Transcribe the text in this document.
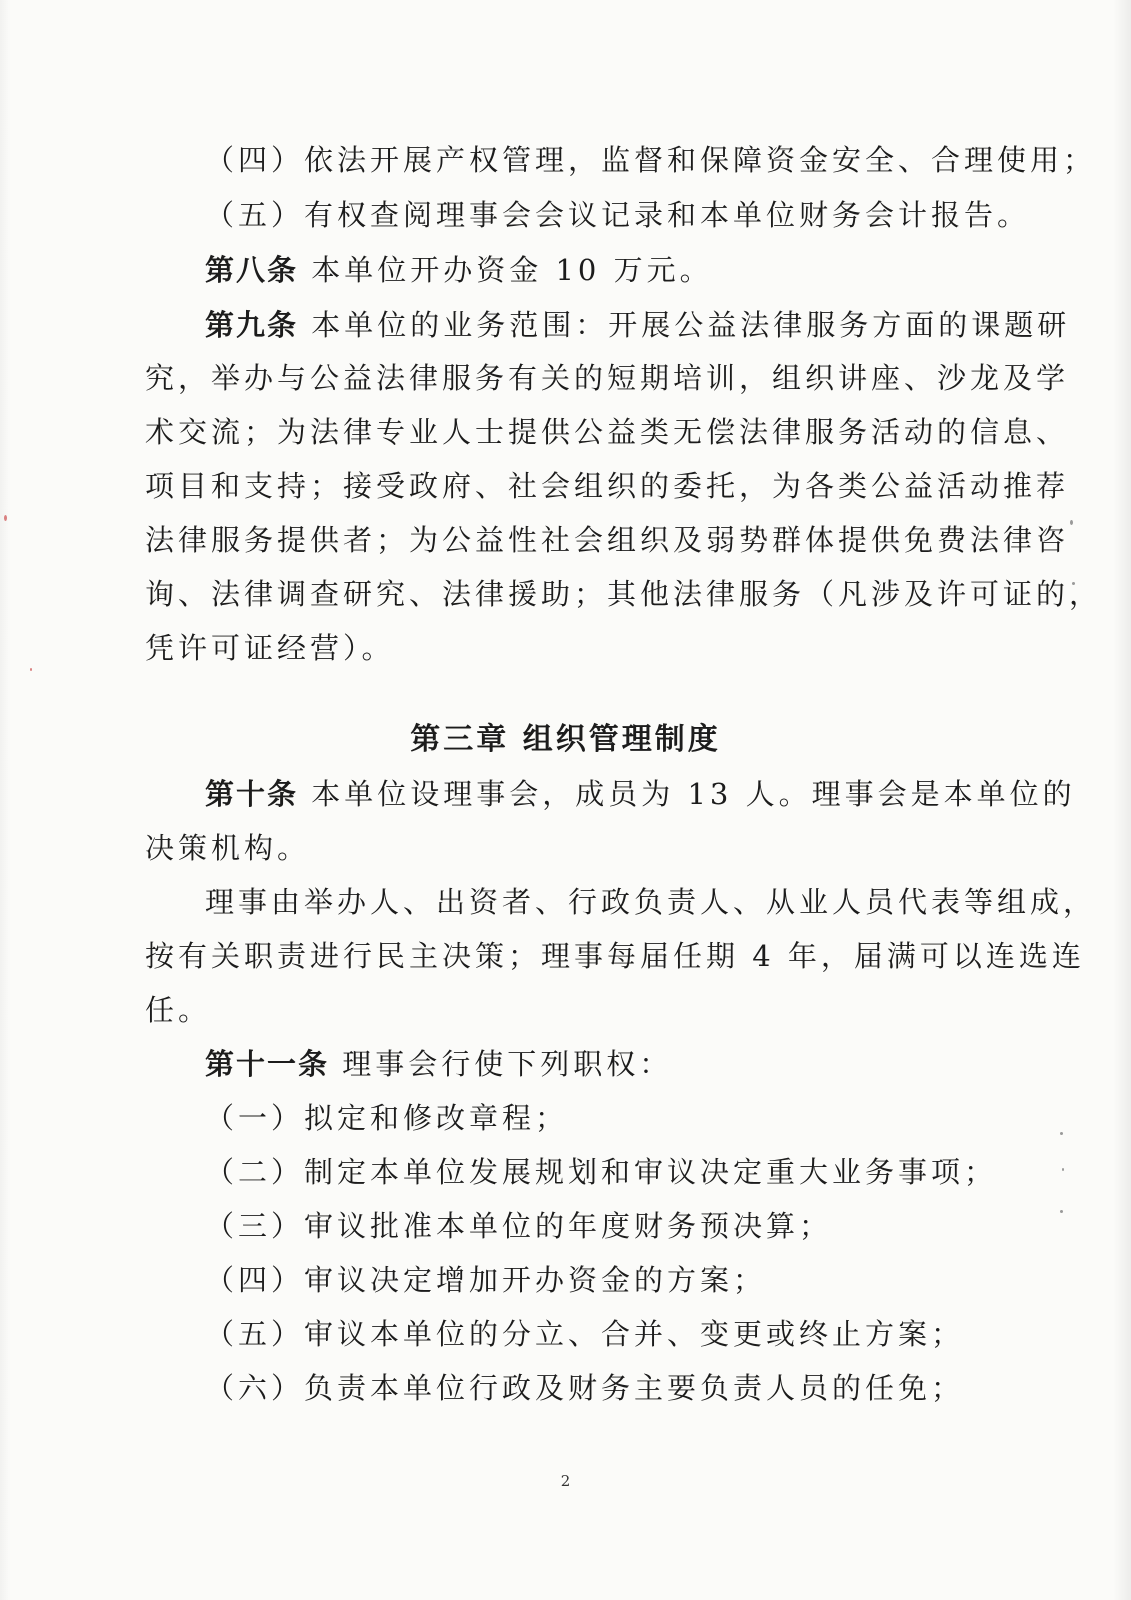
（四）依法开展产权管理，监督和保障资金安全、合理使用；
（五）有权查阅理事会会议记录和本单位财务会计报告。
第八条 本单位开办资金 10 万元。
第九条 本单位的业务范围：开展公益法律服务方面的课题研
究，举办与公益法律服务有关的短期培训，组织讲座、沙龙及学
术交流；为法律专业人士提供公益类无偿法律服务活动的信息、
项目和支持；接受政府、社会组织的委托，为各类公益活动推荐
法律服务提供者；为公益性社会组织及弱势群体提供免费法律咨
询、法律调查研究、法律援助；其他法律服务（凡涉及许可证的，
凭许可证经营）。
第三章 组织管理制度
第十条 本单位设理事会，成员为 13 人。理事会是本单位的
决策机构。
理事由举办人、出资者、行政负责人、从业人员代表等组成，
按有关职责进行民主决策；理事每届任期 4 年，届满可以连选连
任。
第十一条 理事会行使下列职权：
（一）拟定和修改章程；
（二）制定本单位发展规划和审议决定重大业务事项；
（三）审议批准本单位的年度财务预决算；
（四）审议决定增加开办资金的方案；
（五）审议本单位的分立、合并、变更或终止方案；
（六）负责本单位行政及财务主要负责人员的任免；
2
